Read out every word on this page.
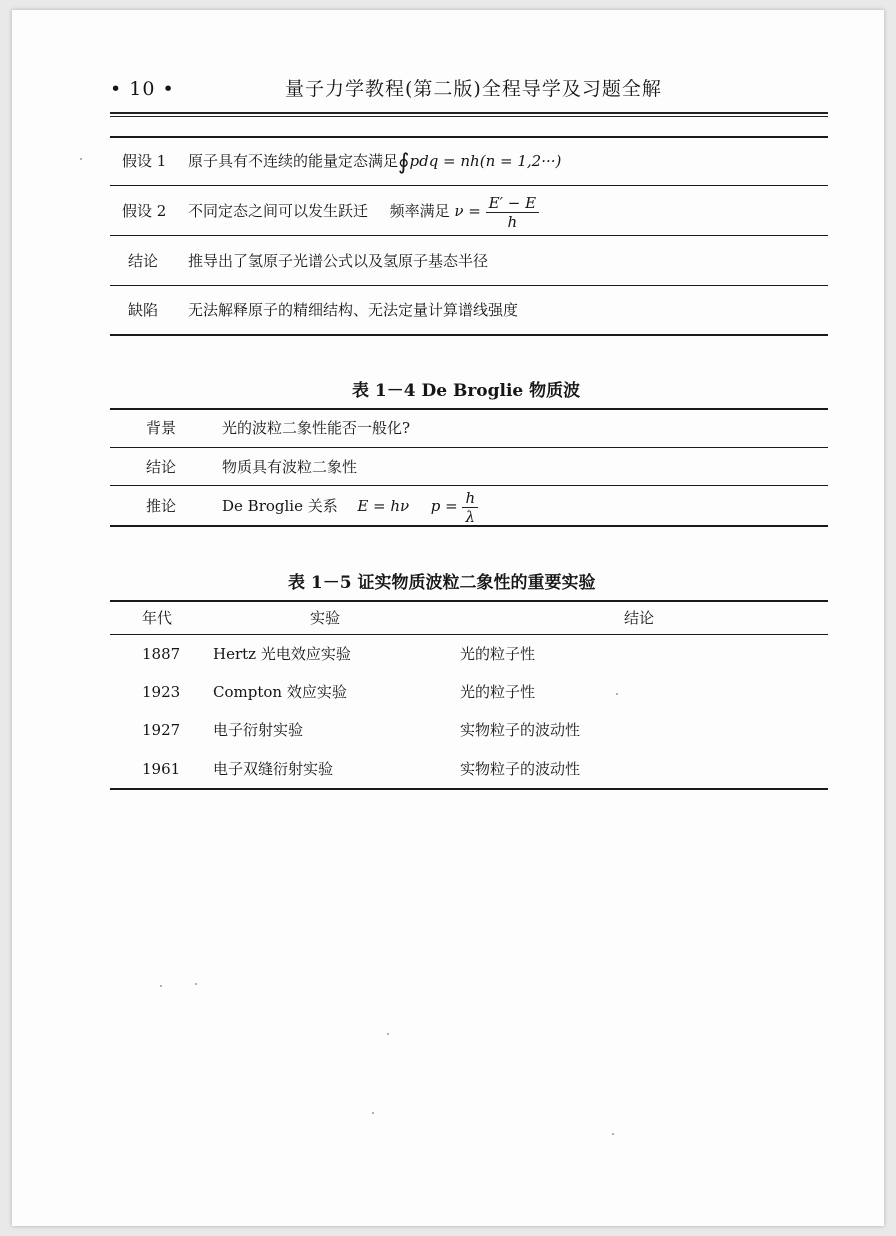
• 10 •	量子力学教程(第二版)全程导学及习题全解
假设 1 原子具有不连续的能量定态满足∮pdq = nh(n = 1,2···)
假设 2 不同定态之间可以发生跃迁 频率满足 $\nu = \frac{E' - E}{h}$
结论 推导出了氢原子光谱公式以及氢原子基态半径
缺陷 无法解释原子的精细结构、无法定量计算谱线强度
表 1－4 De Broglie 物质波
背景	光的波粒二象性能否一般化?
结论	物质具有波粒二象性
推论	De Broglie 关系 E = hν $p = \frac{h}{\lambda}$
表 1－5 证实物质波粒二象性的重要实验
年代	实验	结论
1887 Hertz 光电效应实验	光的粒子性
1923 Compton 效应实验	光的粒子性
1927 电子衍射实验	实物粒子的波动性
1961 电子双缝衍射实验	实物粒子的波动性
